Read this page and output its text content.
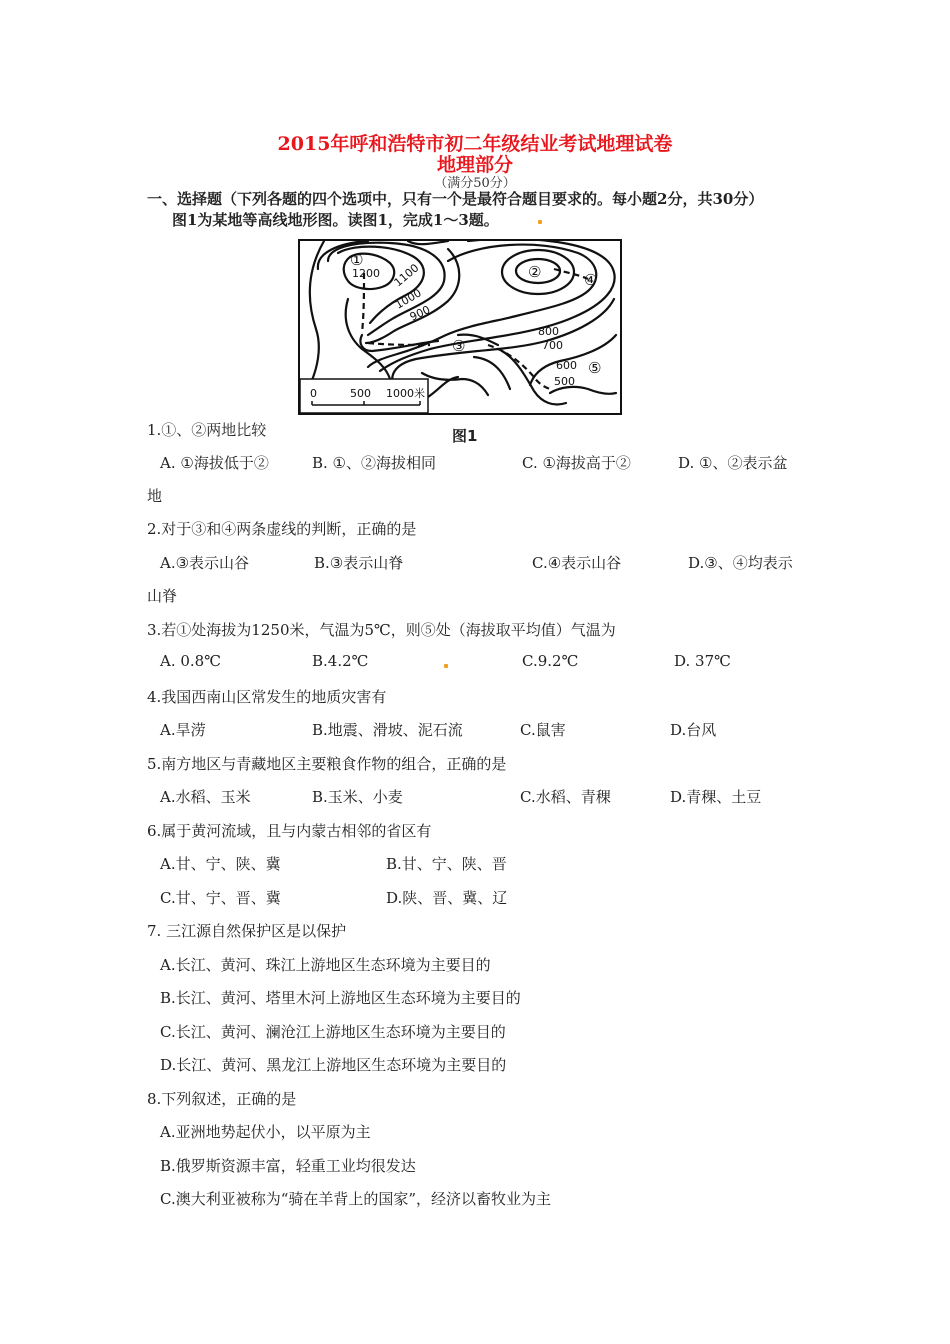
2015年呼和浩特市初二年级结业考试地理试卷
地理部分
（满分50分）
一、选择题（下列各题的四个选项中，只有一个是最符合题目要求的。每小题2分，共30分）
图1为某地等高线地形图。读图1，完成1～3题。
①
②
③
④
⑤
1200 1100
1000
900
800
700
600
500
0	500 1000米
1.①、②两地比较	图1
A. ①海拔低于②	B. ①、②海拔相同	C. ①海拔高于②	D. ①、②表示盆
地
2.对于③和④两条虚线的判断，正确的是
A.③表示山谷	B.③表示山脊	C.④表示山谷	D.③、④均表示
山脊
3.若①处海拔为1250米，气温为5℃，则⑤处（海拔取平均值）气温为
A. 0.8℃	B.4.2℃	C.9.2℃	D. 37℃
4.我国西南山区常发生的地质灾害有
A.旱涝	B.地震、滑坡、泥石流	C.鼠害	D.台风
5.南方地区与青藏地区主要粮食作物的组合，正确的是
A.水稻、玉米	B.玉米、小麦	C.水稻、青稞	D.青稞、土豆
6.属于黄河流域，且与内蒙古相邻的省区有
A.甘、宁、陕、冀	B.甘、宁、陕、晋
C.甘、宁、晋、冀	D.陕、晋、冀、辽
7. 三江源自然保护区是以保护
A.长江、黄河、珠江上游地区生态环境为主要目的
B.长江、黄河、塔里木河上游地区生态环境为主要目的
C.长江、黄河、澜沧江上游地区生态环境为主要目的
D.长江、黄河、黑龙江上游地区生态环境为主要目的
8.下列叙述，正确的是
A.亚洲地势起伏小，以平原为主
B.俄罗斯资源丰富，轻重工业均很发达
C.澳大利亚被称为“骑在羊背上的国家”，经济以畜牧业为主
